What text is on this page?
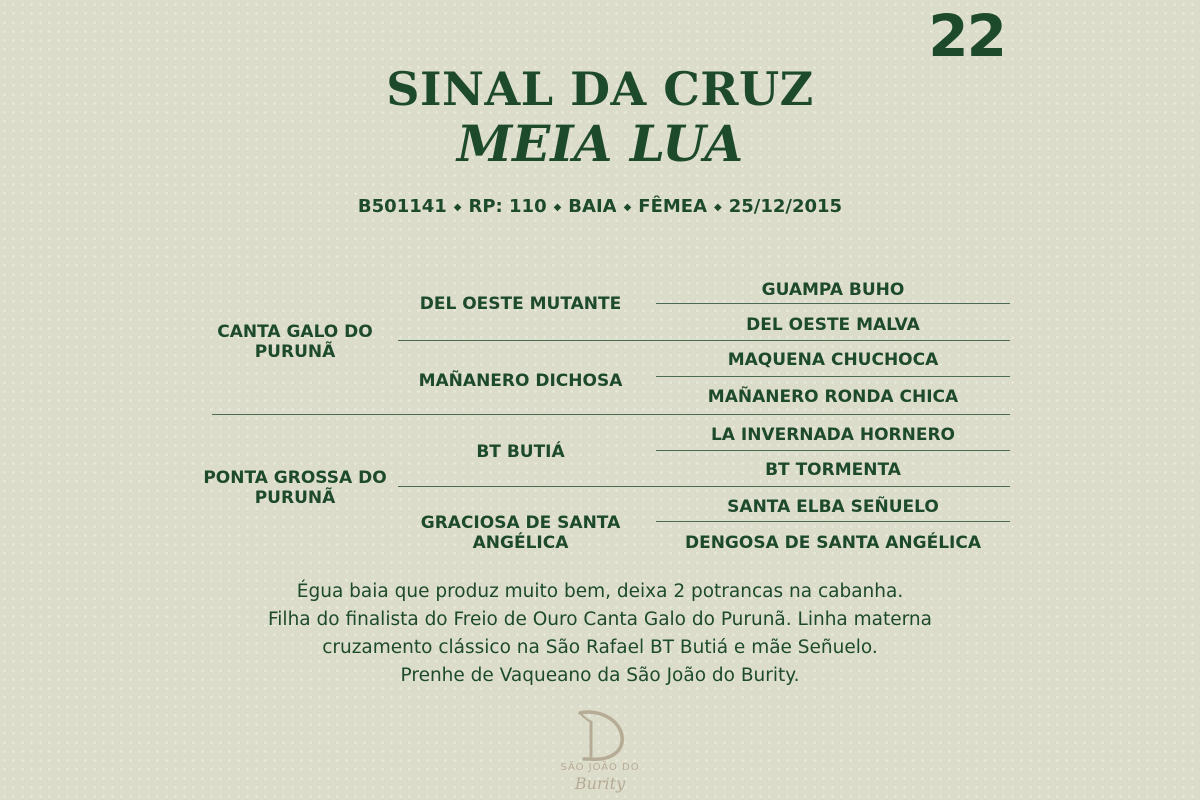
22
SINAL DA CRUZ
MEIA LUA
B501141 ◆ RP: 110 ◆ BAIA ◆ FÊMEA ◆ 25/12/2015
CANTA GALO DO PURUNÃ
PONTA GROSSA DO PURUNÃ
DEL OESTE MUTANTE
MAÑANERO DICHOSA
BT BUTIÁ
GRACIOSA DE SANTA ANGÉLICA
GUAMPA BUHO
DEL OESTE MALVA
MAQUENA CHUCHOCA
MAÑANERO RONDA CHICA
LA INVERNADA HORNERO
BT TORMENTA
SANTA ELBA SEÑUELO
DENGOSA DE SANTA ANGÉLICA
Égua baia que produz muito bem, deixa 2 potrancas na cabanha.
Filha do finalista do Freio de Ouro Canta Galo do Purunã. Linha materna
cruzamento clássico na São Rafael BT Butiá e mãe Señuelo.
Prenhe de Vaqueano da São João do Burity.
SÃO JOÃO DO
Burity
